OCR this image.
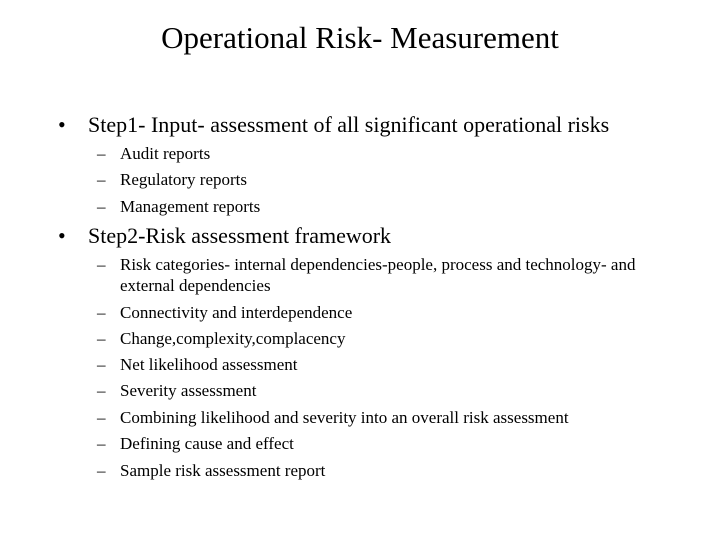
Operational Risk- Measurement
• Step1- Input- assessment of all significant operational risks
– Audit reports
– Regulatory reports
– Management reports
• Step2-Risk assessment framework
– Risk categories- internal dependencies-people, process and technology- and external dependencies
– Connectivity and interdependence
– Change,complexity,complacency
– Net likelihood assessment
– Severity assessment
– Combining likelihood and severity into an overall risk assessment
– Defining cause and effect
– Sample risk assessment report
